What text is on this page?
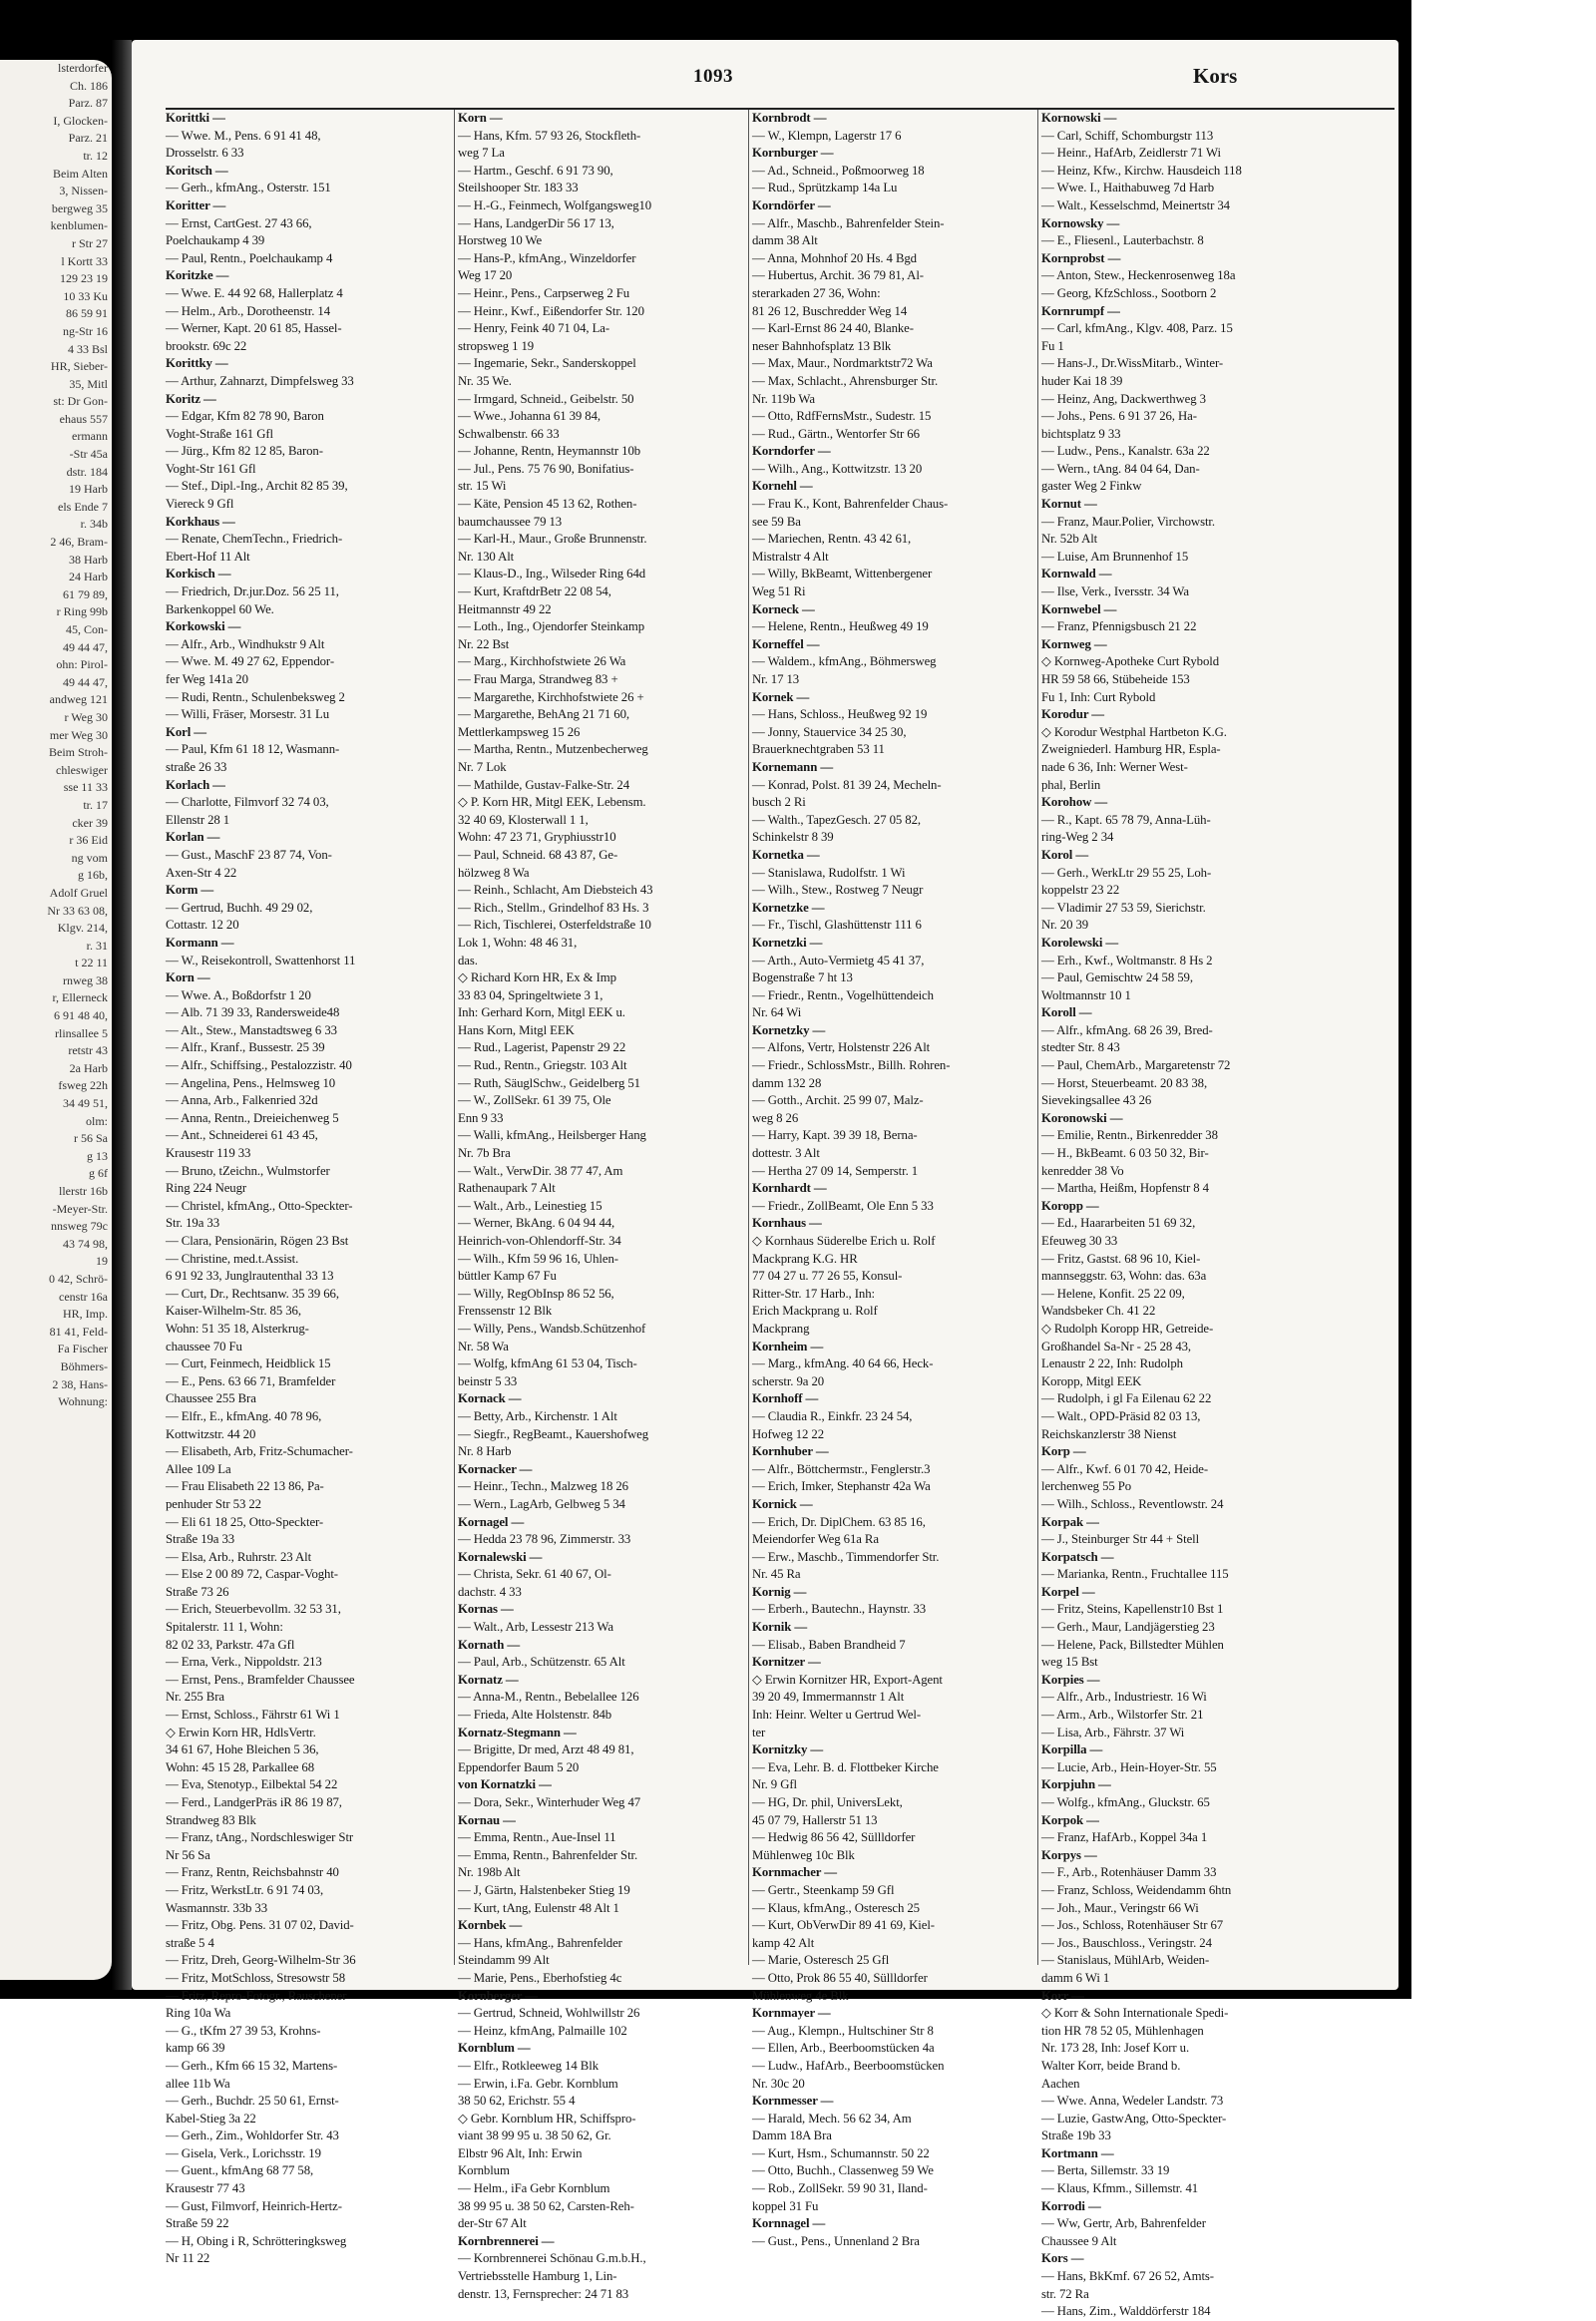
lsterdorfer
Ch. 186
Parz. 87
I, Glocken-
Parz. 21
tr. 12
Beim Alten
3, Nissen-
bergweg 35
kenblumen-
r Str 27
l Kortt 33
129 23 19
10 33 Ku
86 59 91
ng-Str 16
4 33 Bsl
HR, Sieber-
35, Mitl
st: Dr Gon-
ehaus 557
ermann
-Str 45a
dstr. 184
19 Harb
els Ende 7
r. 34b
2 46, Bram-
38 Harb
24 Harb
61 79 89,
r Ring 99b
45, Con-
49 44 47,
ohn: Pirol-
49 44 47,
andweg 121
r Weg 30
mer Weg 30
Beim Stroh-
chleswiger
sse 11 33
tr. 17
cker 39
r 36 Eid
ng vom
g 16b,
Adolf Gruel
Nr 33 63 08,
Klgv. 214,
r. 31
t 22 11
rnweg 38
r, Ellerneck
6 91 48 40,
rlinsallee 5
retstr 43
2a Harb
fsweg 22h
34 49 51,
olm:
r 56 Sa
g 13
g 6f
llerstr 16b
-Meyer-Str.
nnsweg 79c
43 74 98,
19
0 42, Schrö-
censtr 16a
HR, Imp.
81 41, Feld-
Fa Fischer
Böhmers-
2 38, Hans-
Wohnung:
1093	Kors
Korittki —
— Wwe. M., Pens. 6 91 41 48,
Drosselstr. 6 33
Koritsch —
— Gerh., kfmAng., Osterstr. 151
Koritter —
— Ernst, CartGest. 27 43 66,
Poelchaukamp 4 39
— Paul, Rentn., Poelchaukamp 4
Koritzke —
— Wwe. E. 44 92 68, Hallerplatz 4
— Helm., Arb., Dorotheenstr. 14
— Werner, Kapt. 20 61 85, Hassel-
brookstr. 69c 22
Korittky —
— Arthur, Zahnarzt, Dimpfelsweg 33
Koritz —
— Edgar, Kfm 82 78 90, Baron
Voght-Straße 161 Gfl
— Jürg., Kfm 82 12 85, Baron-
Voght-Str 161 Gfl
— Stef., Dipl.-Ing., Archit 82 85 39,
Viereck 9 Gfl
Korkhaus —
— Renate, ChemTechn., Friedrich-
Ebert-Hof 11 Alt
Korkisch —
— Friedrich, Dr.jur.Doz. 56 25 11,
Barkenkoppel 60 We.
Korkowski —
— Alfr., Arb., Windhukstr 9 Alt
— Wwe. M. 49 27 62, Eppendor-
fer Weg 141a 20
— Rudi, Rentn., Schulenbeksweg 2
— Willi, Fräser, Morsestr. 31 Lu
Korl —
— Paul, Kfm 61 18 12, Wasmann-
straße 26 33
Korlach —
— Charlotte, Filmvorf 32 74 03,
Ellenstr 28 1
Korlan —
— Gust., MaschF 23 87 74, Von-
Axen-Str 4 22
Korm —
— Gertrud, Buchh. 49 29 02,
Cottastr. 12 20
Kormann —
— W., Reisekontroll, Swattenhorst 11
Korn —
— Wwe. A., Boßdorfstr 1 20
— Alb. 71 39 33, Randersweide48
— Alt., Stew., Manstadtsweg 6 33
— Alfr., Kranf., Bussestr. 25 39
— Alfr., Schiffsing., Pestalozzistr. 40
— Angelina, Pens., Helmsweg 10
— Anna, Arb., Falkenried 32d
— Anna, Rentn., Dreieichenweg 5
— Ant., Schneiderei 61 43 45,
Krausestr 119 33
— Bruno, tZeichn., Wulmstorfer
Ring 224 Neugr
— Christel, kfmAng., Otto-Speckter-
Str. 19a 33
— Clara, Pensionärin, Rögen 23 Bst
— Christine, med.t.Assist.
6 91 92 33, Junglrautenthal 33 13
— Curt, Dr., Rechtsanw. 35 39 66,
Kaiser-Wilhelm-Str. 85 36,
Wohn: 51 35 18, Alsterkrug-
chaussee 70 Fu
— Curt, Feinmech, Heidblick 15
— E., Pens. 63 66 71, Bramfelder
Chaussee 255 Bra
— Elfr., E., kfmAng. 40 78 96,
Kottwitzstr. 44 20
— Elisabeth, Arb, Fritz-Schumacher-
Allee 109 La
— Frau Elisabeth 22 13 86, Pa-
penhuder Str 53 22
— Eli 61 18 25, Otto-Speckter-
Straße 19a 33
— Elsa, Arb., Ruhrstr. 23 Alt
— Else 2 00 89 72, Caspar-Voght-
Straße 73 26
— Erich, Steuerbevollm. 32 53 31,
Spitalerstr. 11 1, Wohn:
82 02 33, Parkstr. 47a Gfl
— Erna, Verk., Nippoldstr. 213
— Ernst, Pens., Bramfelder Chaussee
Nr. 255 Bra
— Ernst, Schloss., Fährstr 61 Wi 1
◇ Erwin Korn HR, HdlsVertr.
34 61 67, Hohe Bleichen 5 36,
Wohn: 45 15 28, Parkallee 68
— Eva, Stenotyp., Eilbektal 54 22
— Ferd., LandgerPräs iR 86 19 87,
Strandweg 83 Blk
— Franz, tAng., Nordschleswiger Str
Nr 56 Sa
— Franz, Rentn, Reichsbahnstr 40
— Fritz, WerkstLtr. 6 91 74 03,
Wasmannstr. 33b 33
— Fritz, Obg. Pens. 31 07 02, David-
straße 5 4
— Fritz, Dreh, Georg-Wilhelm-Str 36
— Fritz, MotSchloss, Stresowstr 58
— Fritz, Repro-Fotogr., Rauschener
Ring 10a Wa
— G., tKfm 27 39 53, Krohns-
kamp 66 39
— Gerh., Kfm 66 15 32, Martens-
allee 11b Wa
— Gerh., Buchdr. 25 50 61, Ernst-
Kabel-Stieg 3a 22
— Gerh., Zim., Wohldorfer Str. 43
— Gisela, Verk., Lorichsstr. 19
— Guent., kfmAng 68 77 58,
Krausestr 77 43
— Gust, Filmvorf, Heinrich-Hertz-
Straße 59 22
— H, Obing i R, Schrötteringksweg
Nr 11 22
Korn —
— Hans, Kfm. 57 93 26, Stockfleth-
weg 7 La
— Hartm., Geschf. 6 91 73 90,
Steilshooper Str. 183 33
— H.-G., Feinmech, Wolfgangsweg10
— Hans, LandgerDir 56 17 13,
Horstweg 10 We
— Hans-P., kfmAng., Winzeldorfer
Weg 17 20
— Heinr., Pens., Carpserweg 2 Fu
— Heinr., Kwf., Eißendorfer Str. 120
— Henry, Feink 40 71 04, La-
stropsweg 1 19
— Ingemarie, Sekr., Sanderskoppel
Nr. 35 We.
— Irmgard, Schneid., Geibelstr. 50
— Wwe., Johanna 61 39 84,
Schwalbenstr. 66 33
— Johanne, Rentn, Heymannstr 10b
— Jul., Pens. 75 76 90, Bonifatius-
str. 15 Wi
— Käte, Pension 45 13 62, Rothen-
baumchaussee 79 13
— Karl-H., Maur., Große Brunnenstr.
Nr. 130 Alt
— Klaus-D., Ing., Wilseder Ring 64d
— Kurt, KraftdrBetr 22 08 54,
Heitmannstr 49 22
— Loth., Ing., Ojendorfer Steinkamp
Nr. 22 Bst
— Marg., Kirchhofstwiete 26 Wa
— Frau Marga, Strandweg 83 +
— Margarethe, Kirchhofstwiete 26 +
— Margarethe, BehAng 21 71 60,
Mettlerkampsweg 15 26
— Martha, Rentn., Mutzenbecherweg
Nr. 7 Lok
— Mathilde, Gustav-Falke-Str. 24
◇ P. Korn HR, Mitgl EEK, Lebensm.
32 40 69, Klosterwall 1 1,
Wohn: 47 23 71, Gryphiusstr10
— Paul, Schneid. 68 43 87, Ge-
hölzweg 8 Wa
— Reinh., Schlacht, Am Diebsteich 43
— Rich., Stellm., Grindelhof 83 Hs. 3
— Rich, Tischlerei, Osterfeldstraße 10
Lok 1, Wohn: 48 46 31,
das.
◇ Richard Korn HR, Ex & Imp
33 83 04, Springeltwiete 3 1,
Inh: Gerhard Korn, Mitgl EEK u.
Hans Korn, Mitgl EEK
— Rud., Lagerist, Papenstr 29 22
— Rud., Rentn., Griegstr. 103 Alt
— Ruth, SäuglSchw., Geidelberg 51
— W., ZollSekr. 61 39 75, Ole
Enn 9 33
— Walli, kfmAng., Heilsberger Hang
Nr. 7b Bra
— Walt., VerwDir. 38 77 47, Am
Rathenaupark 7 Alt
— Walt., Arb., Leinestieg 15
— Werner, BkAng. 6 04 94 44,
Heinrich-von-Ohlendorff-Str. 34
— Wilh., Kfm 59 96 16, Uhlen-
büttler Kamp 67 Fu
— Willy, RegObInsp 86 52 56,
Frenssenstr 12 Blk
— Willy, Pens., Wandsb.Schützenhof
Nr. 58 Wa
— Wolfg, kfmAng 61 53 04, Tisch-
beinstr 5 33
Kornack —
— Betty, Arb., Kirchenstr. 1 Alt
— Siegfr., RegBeamt., Kauershofweg
Nr. 8 Harb
Kornacker —
— Heinr., Techn., Malzweg 18 26
— Wern., LagArb, Gelbweg 5 34
Kornagel —
— Hedda 23 78 96, Zimmerstr. 33
Kornalewski —
— Christa, Sekr. 61 40 67, Ol-
dachstr. 4 33
Kornas —
— Walt., Arb, Lessestr 213 Wa
Kornath —
— Paul, Arb., Schützenstr. 65 Alt
Kornatz —
— Anna-M., Rentn., Bebelallee 126
— Frieda, Alte Holstenstr. 84b
Kornatz-Stegmann —
— Brigitte, Dr med, Arzt 48 49 81,
Eppendorfer Baum 5 20
von Kornatzki —
— Dora, Sekr., Winterhuder Weg 47
Kornau —
— Emma, Rentn., Aue-Insel 11
— Emma, Rentn., Bahrenfelder Str.
Nr. 198b Alt
— J, Gärtn, Halstenbeker Stieg 19
— Kurt, tAng, Eulenstr 48 Alt 1
Kornbek —
— Hans, kfmAng., Bahrenfelder
Steindamm 99 Alt
— Marie, Pens., Eberhofstieg 4c
Kornberger —
— Gertrud, Schneid, Wohlwillstr 26
— Heinz, kfmAng, Palmaille 102
Kornblum —
— Elfr., Rotkleeweg 14 Blk
— Erwin, i.Fa. Gebr. Kornblum
38 50 62, Erichstr. 55 4
◇ Gebr. Kornblum HR, Schiffspro-
viant 38 99 95 u. 38 50 62, Gr.
Elbstr 96 Alt, Inh: Erwin
Kornblum
— Helm., iFa Gebr Kornblum
38 99 95 u. 38 50 62, Carsten-Reh-
der-Str 67 Alt
Kornbrennerei —
— Kornbrennerei Schönau G.m.b.H.,
Vertriebsstelle Hamburg 1, Lin-
denstr. 13, Fernsprecher: 24 71 83
Kornbrodt —
— W., Klempn, Lagerstr 17 6
Kornburger —
— Ad., Schneid., Poßmoorweg 18
— Rud., Sprützkamp 14a Lu
Korndörfer —
— Alfr., Maschb., Bahrenfelder Stein-
damm 38 Alt
— Anna, Mohnhof 20 Hs. 4 Bgd
— Hubertus, Archit. 36 79 81, Al-
sterarkaden 27 36, Wohn:
81 26 12, Buschredder Weg 14
— Karl-Ernst 86 24 40, Blanke-
neser Bahnhofsplatz 13 Blk
— Max, Maur., Nordmarktstr72 Wa
— Max, Schlacht., Ahrensburger Str.
Nr. 119b Wa
— Otto, RdfFernsMstr., Sudestr. 15
— Rud., Gärtn., Wentorfer Str 66
Korndorfer —
— Wilh., Ang., Kottwitzstr. 13 20
Kornehl —
— Frau K., Kont, Bahrenfelder Chaus-
see 59 Ba
— Mariechen, Rentn. 43 42 61,
Mistralstr 4 Alt
— Willy, BkBeamt, Wittenbergener
Weg 51 Ri
Korneck —
— Helene, Rentn., Heußweg 49 19
Korneffel —
— Waldem., kfmAng., Böhmersweg
Nr. 17 13
Kornek —
— Hans, Schloss., Heußweg 92 19
— Jonny, Stauervice 34 25 30,
Brauerknechtgraben 53 11
Kornemann —
— Konrad, Polst. 81 39 24, Mecheln-
busch 2 Ri
— Walth., TapezGesch. 27 05 82,
Schinkelstr 8 39
Kornetka —
— Stanislawa, Rudolfstr. 1 Wi
— Wilh., Stew., Rostweg 7 Neugr
Kornetzke —
— Fr., Tischl, Glashüttenstr 111 6
Kornetzki —
— Arth., Auto-Vermietg 45 41 37,
Bogenstraße 7 ht 13
— Friedr., Rentn., Vogelhüttendeich
Nr. 64 Wi
Kornetzky —
— Alfons, Vertr, Holstenstr 226 Alt
— Friedr., SchlossMstr., Billh. Rohren-
damm 132 28
— Gotth., Archit. 25 99 07, Malz-
weg 8 26
— Harry, Kapt. 39 39 18, Berna-
dottestr. 3 Alt
— Hertha 27 09 14, Semperstr. 1
Kornhardt —
— Friedr., ZollBeamt, Ole Enn 5 33
Kornhaus —
◇ Kornhaus Süderelbe Erich u. Rolf
Mackprang K.G. HR
77 04 27 u. 77 26 55, Konsul-
Ritter-Str. 17 Harb., Inh:
Erich Mackprang u. Rolf
Mackprang
Kornheim —
— Marg., kfmAng. 40 64 66, Heck-
scherstr. 9a 20
Kornhoff —
— Claudia R., Einkfr. 23 24 54,
Hofweg 12 22
Kornhuber —
— Alfr., Böttchermstr., Fenglerstr.3
— Erich, Imker, Stephanstr 42a Wa
Kornick —
— Erich, Dr. DiplChem. 63 85 16,
Meiendorfer Weg 61a Ra
— Erw., Maschb., Timmendorfer Str.
Nr. 45 Ra
Kornig —
— Erberh., Bautechn., Haynstr. 33
Kornik —
— Elisab., Baben Brandheid 7
Kornitzer —
◇ Erwin Kornitzer HR, Export-Agent
39 20 49, Immermannstr 1 Alt
Inh: Heinr. Welter u Gertrud Wel-
ter
Kornitzky —
— Eva, Lehr. B. d. Flottbeker Kirche
Nr. 9 Gfl
— HG, Dr. phil, UniversLekt,
45 07 79, Hallerstr 51 13
— Hedwig 86 56 42, Süllldorfer
Mühlenweg 10c Blk
Kornmacher —
— Gertr., Steenkamp 59 Gfl
— Klaus, kfmAng., Osteresch 25
— Kurt, ObVerwDir 89 41 69, Kiel-
kamp 42 Alt
— Marie, Osteresch 25 Gfl
— Otto, Prok 86 55 40, Süllldorfer
Mühlenweg 4e Blk
Kornmayer —
— Aug., Klempn., Hultschiner Str 8
— Ellen, Arb., Beerboomstücken 4a
— Ludw., HafArb., Beerboomstücken
Nr. 30c 20
Kornmesser —
— Harald, Mech. 56 62 34, Am
Damm 18A Bra
— Kurt, Hsm., Schumannstr. 50 22
— Otto, Buchh., Classenweg 59 We
— Rob., ZollSekr. 59 90 31, Iland-
koppel 31 Fu
Kornnagel —
— Gust., Pens., Unnenland 2 Bra
Kornowski —
— Carl, Schiff, Schomburgstr 113
— Heinr., HafArb, Zeidlerstr 71 Wi
— Heinz, Kfw., Kirchw. Hausdeich 118
— Wwe. I., Haithabuweg 7d Harb
— Walt., Kesselschmd, Meinertstr 34
Kornowsky —
— E., Fliesenl., Lauterbachstr. 8
Kornprobst —
— Anton, Stew., Heckenrosenweg 18a
— Georg, KfzSchloss., Sootborn 2
Kornrumpf —
— Carl, kfmAng., Klgv. 408, Parz. 15
Fu 1
— Hans-J., Dr.WissMitarb., Winter-
huder Kai 18 39
— Heinz, Ang, Dackwerthweg 3
— Johs., Pens. 6 91 37 26, Ha-
bichtsplatz 9 33
— Ludw., Pens., Kanalstr. 63a 22
— Wern., tAng. 84 04 64, Dan-
gaster Weg 2 Finkw
Kornut —
— Franz, Maur.Polier, Virchowstr.
Nr. 52b Alt
— Luise, Am Brunnenhof 15
Kornwald —
— Ilse, Verk., Iversstr. 34 Wa
Kornwebel —
— Franz, Pfennigsbusch 21 22
Kornweg —
◇ Kornweg-Apotheke Curt Rybold
HR 59 58 66, Stübeheide 153
Fu 1, Inh: Curt Rybold
Korodur —
◇ Korodur Westphal Hartbeton K.G.
Zweigniederl. Hamburg HR, Espla-
nade 6 36, Inh: Werner West-
phal, Berlin
Korohow —
— R., Kapt. 65 78 79, Anna-Lüh-
ring-Weg 2 34
Korol —
— Gerh., WerkLtr 29 55 25, Loh-
koppelstr 23 22
— Vladimir 27 53 59, Sierichstr.
Nr. 20 39
Korolewski —
— Erh., Kwf., Woltmanstr. 8 Hs 2
— Paul, Gemischtw 24 58 59,
Woltmannstr 10 1
Koroll —
— Alfr., kfmAng. 68 26 39, Bred-
stedter Str. 8 43
— Paul, ChemArb., Margaretenstr 72
— Horst, Steuerbeamt. 20 83 38,
Sievekingsallee 43 26
Koronowski —
— Emilie, Rentn., Birkenredder 38
— H., BkBeamt. 6 03 50 32, Bir-
kenredder 38 Vo
— Martha, Heißm, Hopfenstr 8 4
Koropp —
— Ed., Haararbeiten 51 69 32,
Efeuweg 30 33
— Fritz, Gastst. 68 96 10, Kiel-
mannseggstr. 63, Wohn: das. 63a
— Helene, Konfit. 25 22 09,
Wandsbeker Ch. 41 22
◇ Rudolph Koropp HR, Getreide-
Großhandel Sa-Nr - 25 28 43,
Lenaustr 2 22, Inh: Rudolph
Koropp, Mitgl EEK
— Rudolph, i gl Fa Eilenau 62 22
— Walt., OPD-Präsid 82 03 13,
Reichskanzlerstr 38 Nienst
Korp —
— Alfr., Kwf. 6 01 70 42, Heide-
lerchenweg 55 Po
— Wilh., Schloss., Reventlowstr. 24
Korpak —
— J., Steinburger Str 44 + Stell
Korpatsch —
— Marianka, Rentn., Fruchtallee 115
Korpel —
— Fritz, Steins, Kapellenstr10 Bst 1
— Gerh., Maur, Landjägerstieg 23
— Helene, Pack, Billstedter Mühlen
weg 15 Bst
Korpies —
— Alfr., Arb., Industriestr. 16 Wi
— Arm., Arb., Wilstorfer Str. 21
— Lisa, Arb., Fährstr. 37 Wi
Korpilla —
— Lucie, Arb., Hein-Hoyer-Str. 55
Korpjuhn —
— Wolfg., kfmAng., Gluckstr. 65
Korpok —
— Franz, HafArb., Koppel 34a 1
Korpys —
— F., Arb., Rotenhäuser Damm 33
— Franz, Schloss, Weidendamm 6htn
— Joh., Maur., Veringstr 66 Wi
— Jos., Schloss, Rotenhäuser Str 67
— Jos., Bauschloss., Veringstr. 24
— Stanislaus, MühlArb, Weiden-
damm 6 Wi 1
Korr —
◇ Korr & Sohn Internationale Spedi-
tion HR 78 52 05, Mühlenhagen
Nr. 173 28, Inh: Josef Korr u.
Walter Korr, beide Brand b.
Aachen
— Wwe. Anna, Wedeler Landstr. 73
— Luzie, GastwAng, Otto-Speckter-
Straße 19b 33
Kortmann —
— Berta, Sillemstr. 33 19
— Klaus, Kfmm., Sillemstr. 41
Korrodi —
— Ww, Gertr, Arb, Bahrenfelder
Chaussee 9 Alt
Kors —
— Hans, BkKmf. 67 26 52, Amts-
str. 72 Ra
— Hans, Zim., Walddörferstr 184
